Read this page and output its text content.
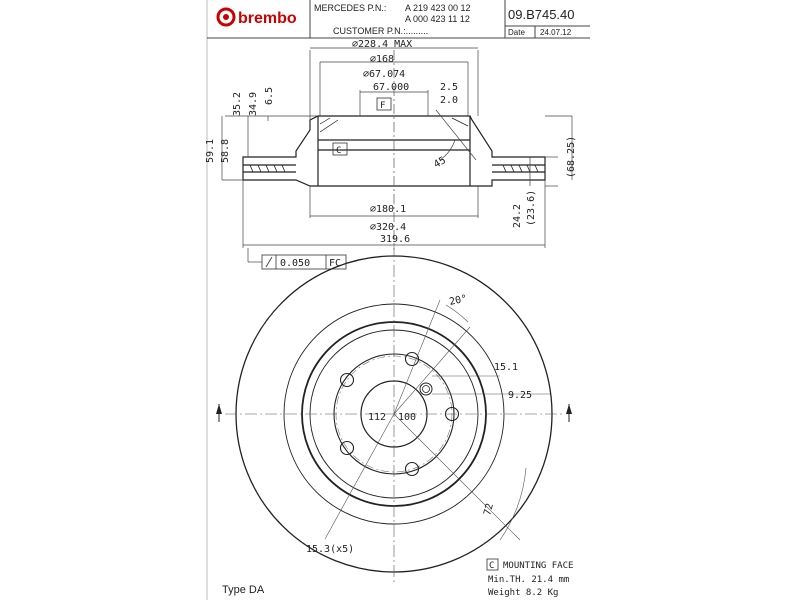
brembo
MERCEDES P.N.: A 219 423 00 12
A 000 423 11 12
CUSTOMER P.N.:.........
09.B745.40
Date 24.07.12
F
C
⌀228.4 MAX
⌀168
⌀67.074
67.000	2.5
2.0
⌀180.1
⌀320.4
319.6
45
59.1 58.8
35.2 34.9 6.5
24.2 (23.6)
(68.25)
0.050 FC
20°
15.1
9.25
112 100
72
15.3(x5)
Type DA
C MOUNTING FACE
Min.TH. 21.4 mm
Weight 8.2 Kg
